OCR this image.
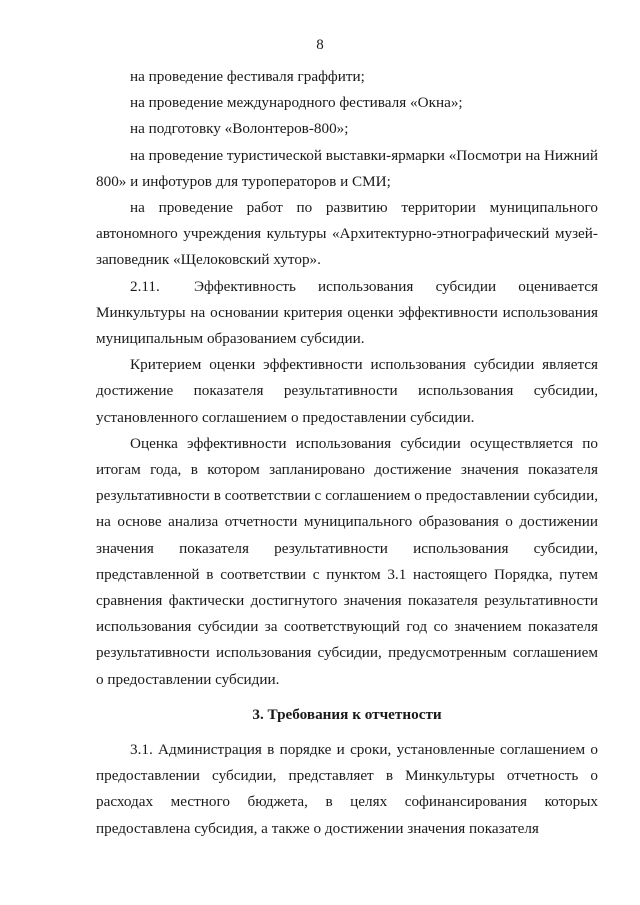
8

на проведение фестиваля граффити;

на проведение международного фестиваля «Окна»;

на подготовку «Волонтеров-800»;

на проведение туристической выставки-ярмарки «Посмотри на Нижний 800» и инфотуров для туроператоров и СМИ;

на проведение работ по развитию территории муниципального автономного учреждения культуры «Архитектурно-этнографический музей-заповедник «Щелоковский хутор».

2.11. Эффективность использования субсидии оценивается Минкультуры на основании критерия оценки эффективности использования муниципальным образованием субсидии.

Критерием оценки эффективности использования субсидии является достижение показателя результативности использования субсидии, установленного соглашением о предоставлении субсидии.

Оценка эффективности использования субсидии осуществляется по итогам года, в котором запланировано достижение значения показателя результативности в соответствии с соглашением о предоставлении субсидии, на основе анализа отчетности муниципального образования о достижении значения показателя результативности использования субсидии, представленной в соответствии с пунктом 3.1 настоящего Порядка, путем сравнения фактически достигнутого значения показателя результативности использования субсидии за соответствующий год со значением показателя результативности использования субсидии, предусмотренным соглашением о предоставлении субсидии.

3. Требования к отчетности

3.1. Администрация в порядке и сроки, установленные соглашением о предоставлении субсидии, представляет в Минкультуры отчетность о расходах местного бюджета, в целях софинансирования которых предоставлена субсидия, а также о достижении значения показателя
